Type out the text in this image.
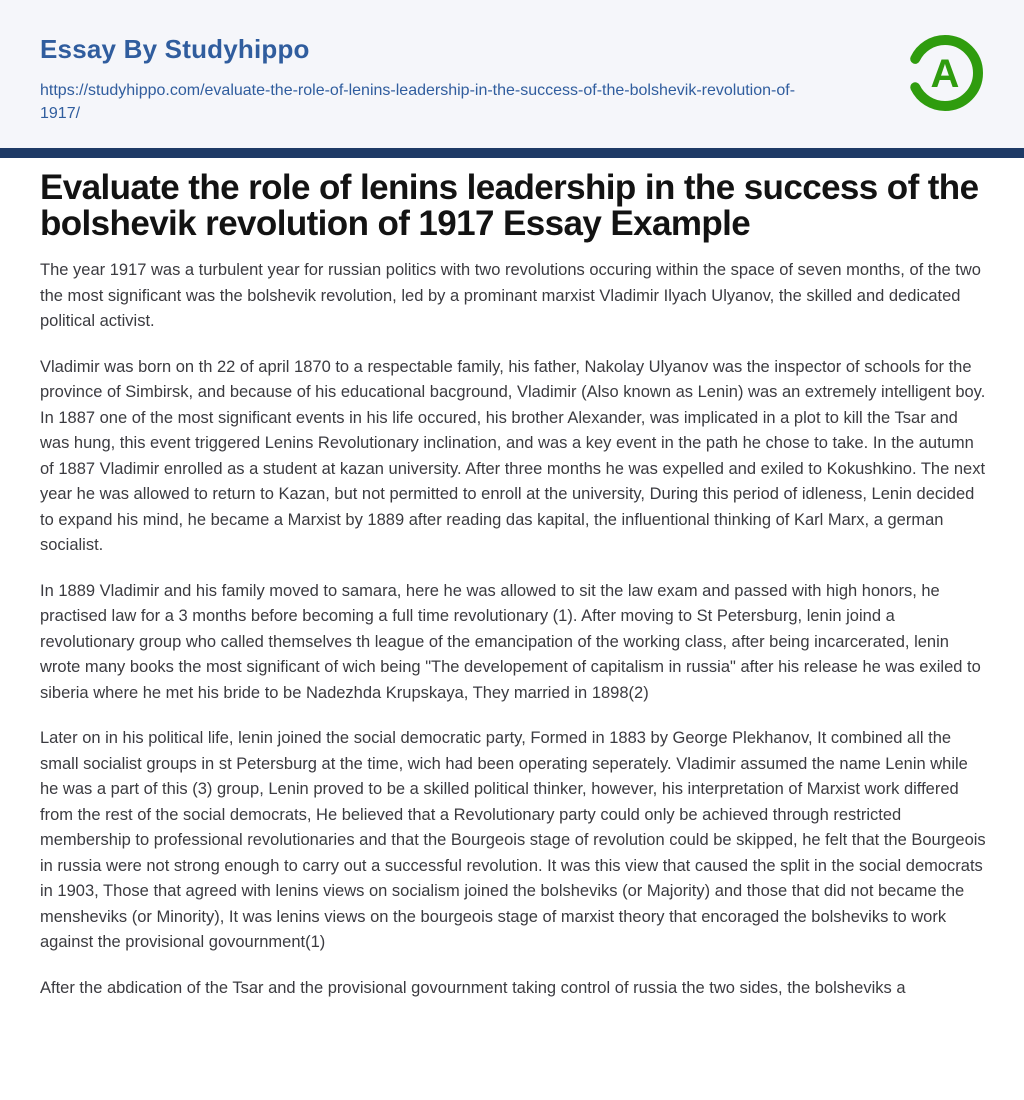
Essay By Studyhippo
https://studyhippo.com/evaluate-the-role-of-lenins-leadership-in-the-success-of-the-bolshevik-revolution-of-1917/
A
Evaluate the role of lenins leadership in the success of the bolshevik revolution of 1917 Essay Example

The year 1917 was a turbulent year for russian politics with two revolutions occuring within the space of seven months, of the two the most significant was the bolshevik revolution, led by a prominant marxist Vladimir Ilyach Ulyanov, the skilled and dedicated political activist.

Vladimir was born on th 22 of april 1870 to a respectable family, his father, Nakolay Ulyanov was the inspector of schools for the province of Simbirsk, and because of his educational bacground, Vladimir (Also known as Lenin) was an extremely intelligent boy. In 1887 one of the most significant events in his life occured, his brother Alexander, was implicated in a plot to kill the Tsar and was hung, this event triggered Lenins Revolutionary inclination, and was a key event in the path he chose to take. In the autumn of 1887 Vladimir enrolled as a student at kazan university. After three months he was expelled and exiled to Kokushkino. The next year he was allowed to return to Kazan, but not permitted to enroll at the university, During this period of idleness, Lenin decided to expand his mind, he became a Marxist by 1889 after reading das kapital, the influentional thinking of Karl Marx, a german socialist.

In 1889 Vladimir and his family moved to samara, here he was allowed to sit the law exam and passed with high honors, he practised law for a 3 months before becoming a full time revolutionary (1). After moving to St Petersburg, lenin joind a revolutionary group who called themselves th league of the emancipation of the working class, after being incarcerated, lenin wrote many books the most significant of wich being "The developement of capitalism in russia" after his release he was exiled to siberia where he met his bride to be Nadezhda Krupskaya, They married in 1898(2)

Later on in his political life, lenin joined the social democratic party, Formed in 1883 by George Plekhanov, It combined all the small socialist groups in st Petersburg at the time, wich had been operating seperately. Vladimir assumed the name Lenin while he was a part of this (3) group, Lenin proved to be a skilled political thinker, however, his interpretation of Marxist work differed from the rest of the social democrats, He believed that a Revolutionary party could only be achieved through restricted membership to professional revolutionaries and that the Bourgeois stage of revolution could be skipped, he felt that the Bourgeois in russia were not strong enough to carry out a successful revolution. It was this view that caused the split in the social democrats in 1903, Those that agreed with lenins views on socialism joined the bolsheviks (or Majority) and those that did not became the mensheviks (or Minority), It was lenins views on the bourgeois stage of marxist theory that encoraged the bolsheviks to work against the provisional govournment(1)

After the abdication of the Tsar and the provisional govournment taking control of russia the two sides, the bolsheviks a
